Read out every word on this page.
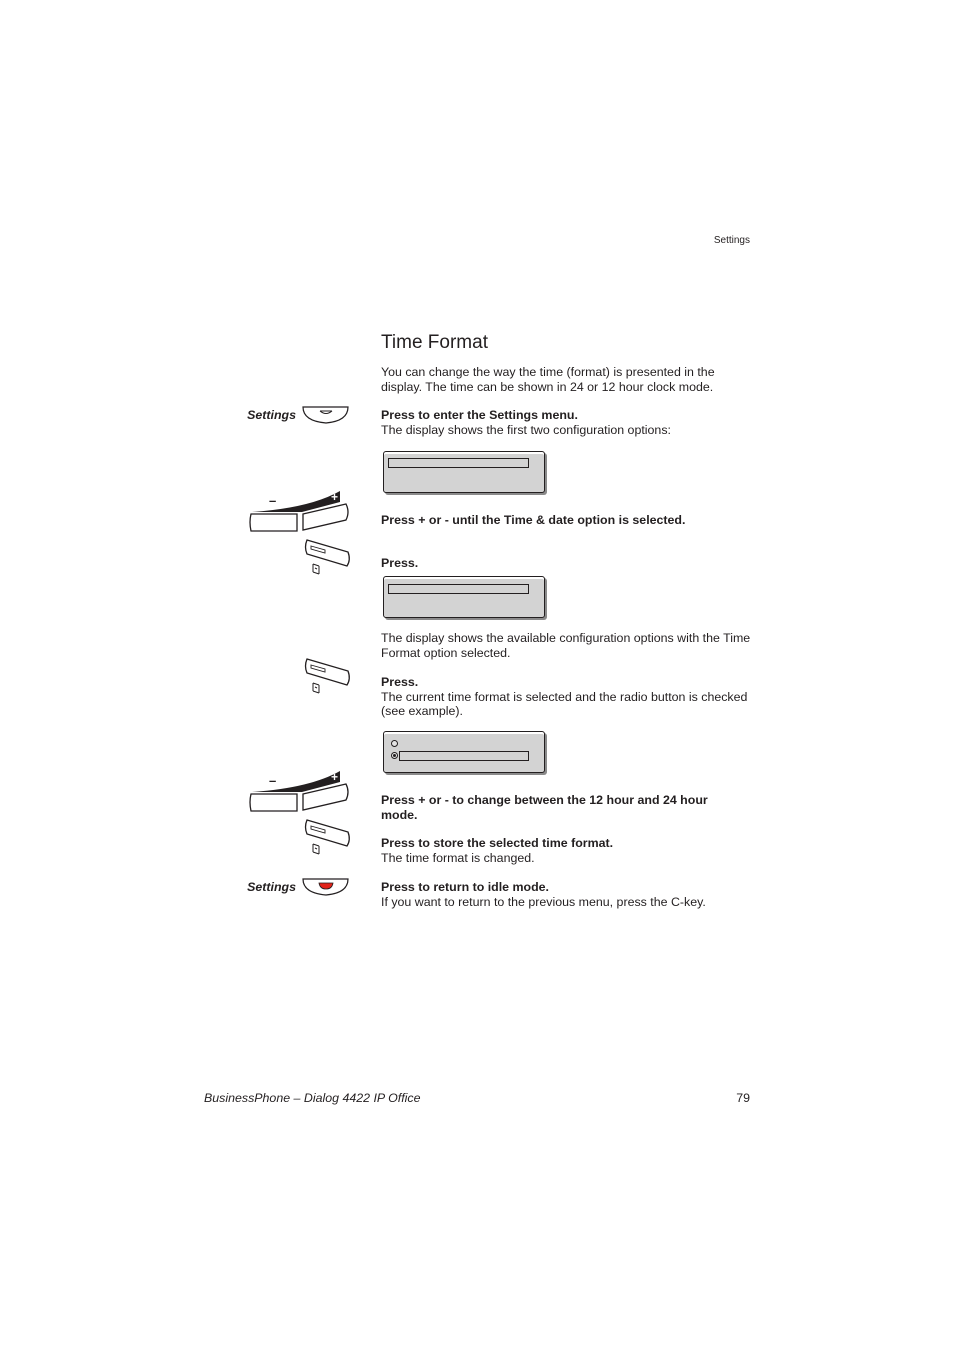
Settings
Time Format
You can change the way the time (format) is presented in the display. The time can be shown in 24 or 12 hour clock mode.
Settings	Press to enter the Settings menu.
The display shows the first two configuration options:
–	+
Press + or - until the Time & date option is selected.
Press.
The display shows the available configuration options with the Time Format option selected.
Press.
The current time format is selected and the radio button is checked (see example).
–	+
Press + or - to change between the 12 hour and 24 hour mode.
Press to store the selected time format.
The time format is changed.
Settings	Press to return to idle mode.
If you want to return to the previous menu, press the C-key.
BusinessPhone – Dialog 4422 IP Office	79
